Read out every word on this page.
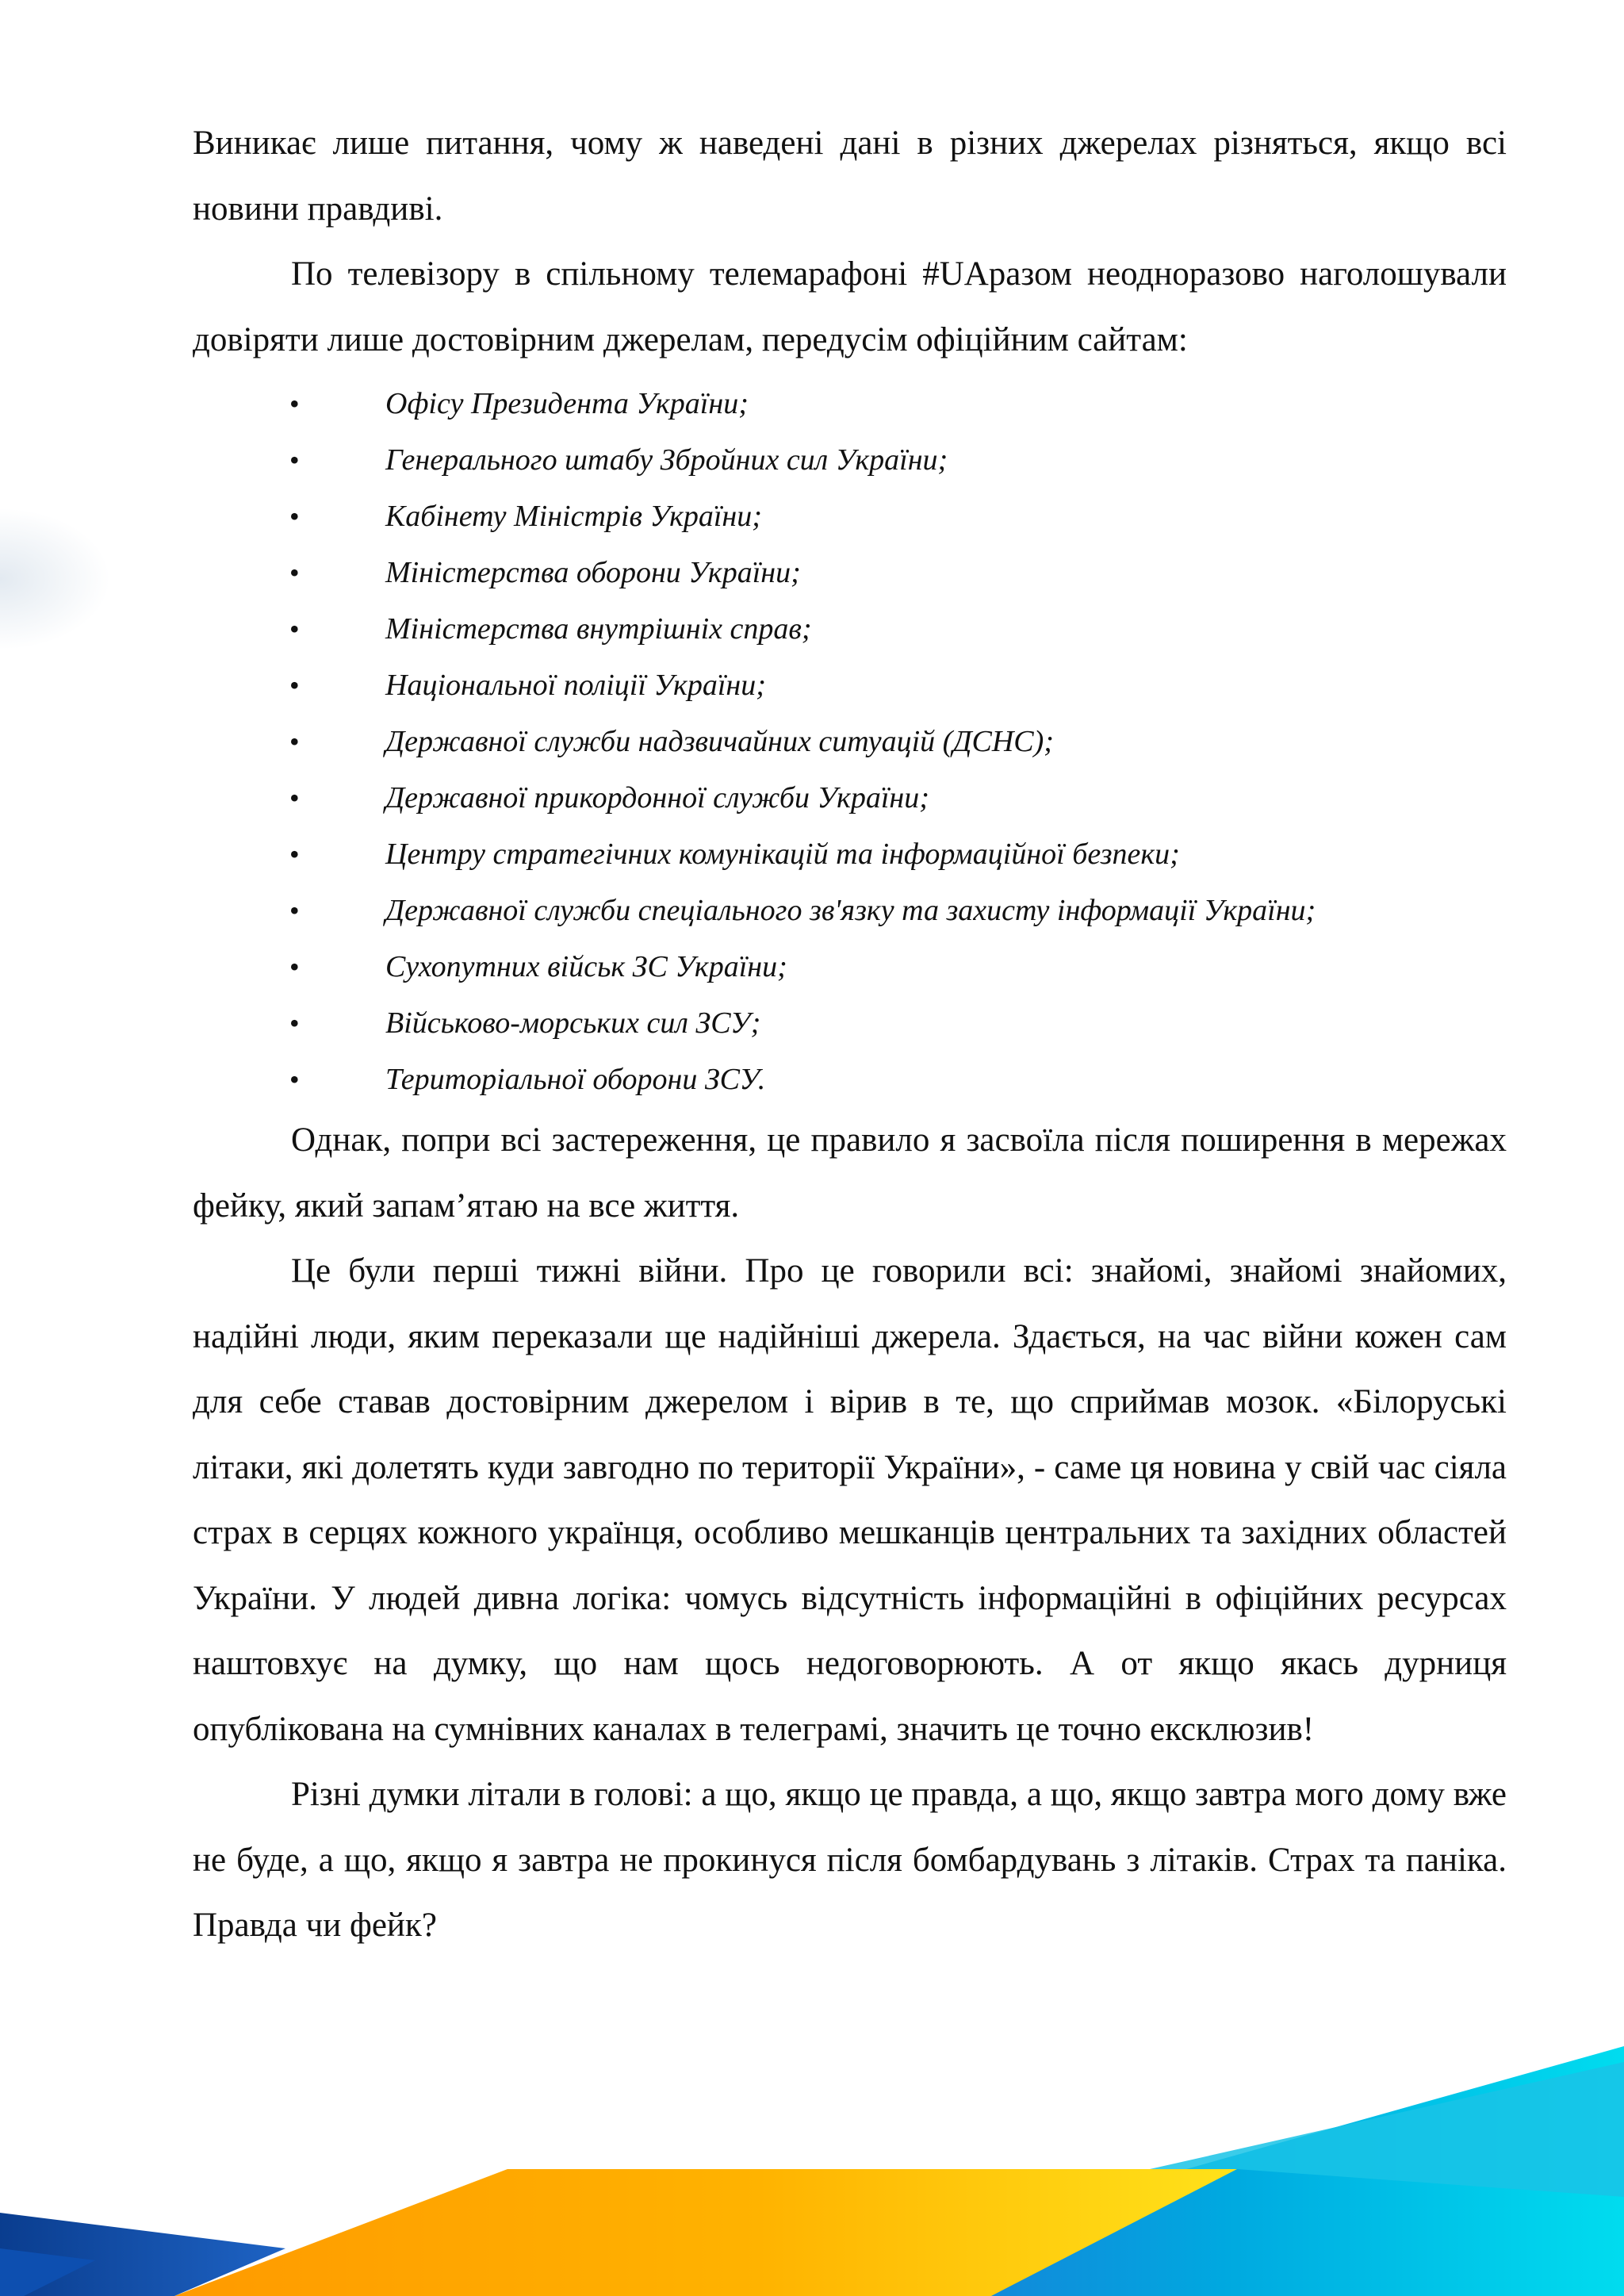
Виникає лише питання, чому ж наведені дані в різних джерелах різняться, якщо всі новини правдиві.

По телевізору в спільному телемарафоні #UAразом неодноразово наголошували довіряти лише достовірним джерелам, передусім офіційним сайтам:

•	Офісу Президента України;
•	Генерального штабу Збройних сил України;
•	Кабінету Міністрів України;
•	Міністерства оборони України;
•	Міністерства внутрішніх справ;
•	Національної поліції України;
•	Державної служби надзвичайних ситуацій (ДСНС);
•	Державної прикордонної служби України;
•	Центру стратегічних комунікацій та інформаційної безпеки;
•	Державної служби спеціального зв'язку та захисту інформації України;
•	Сухопутних військ ЗС України;
•	Військово-морських сил ЗСУ;
•	Територіальної оборони ЗСУ.

Однак, попри всі застереження, це правило я засвоїла після поширення в мережах фейку, який запам’ятаю на все життя.

Це були перші тижні війни. Про це говорили всі: знайомі, знайомі знайомих, надійні люди, яким переказали ще надійніші джерела. Здається, на час війни кожен сам для себе ставав достовірним джерелом і вірив в те, що сприймав мозок. «Білоруські літаки, які долетять куди завгодно по території України», - саме ця новина у свій час сіяла страх в серцях кожного українця, особливо мешканців центральних та західних областей України. У людей дивна логіка: чомусь відсутність інформаційні в офіційних ресурсах наштовхує на думку, що нам щось недоговорюють. А от якщо якась дурниця опублікована на сумнівних каналах в телеграмі, значить це точно ексклюзив!

Різні думки літали в голові: а що, якщо це правда, а що, якщо завтра мого дому вже не буде, а що, якщо я завтра не прокинуся після бомбардувань з літаків. Страх та паніка. Правда чи фейк?
